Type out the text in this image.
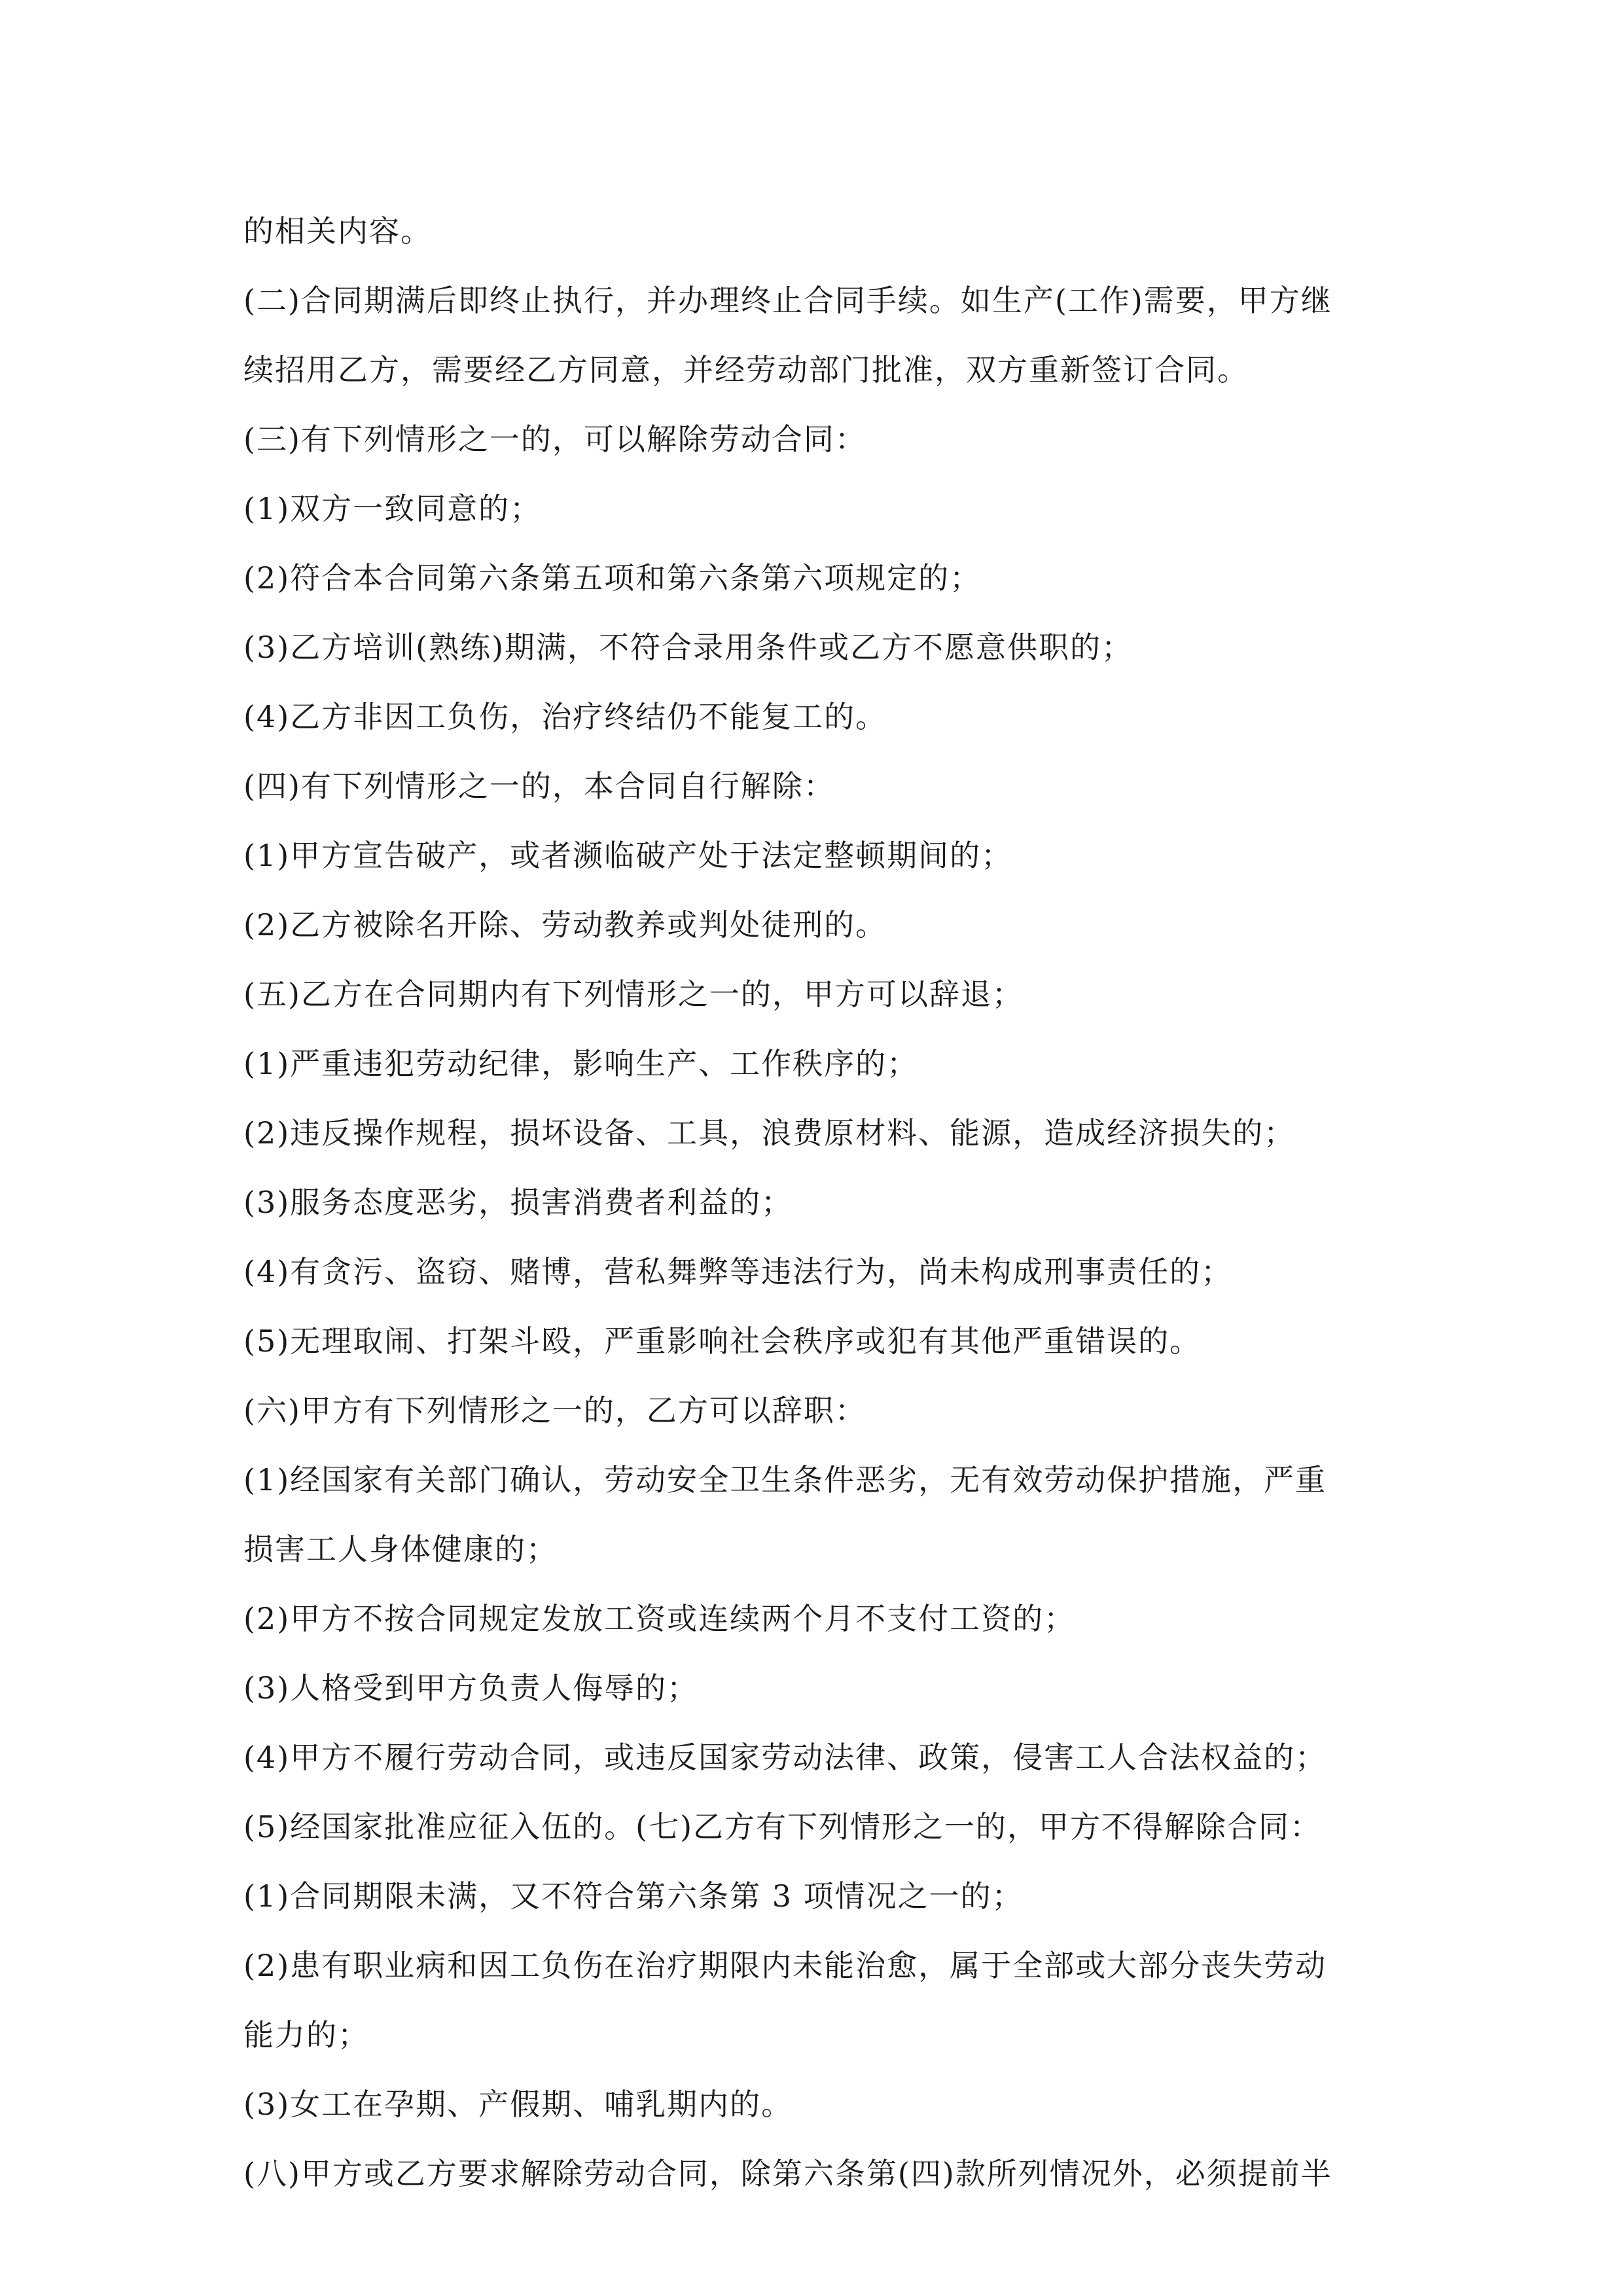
的相关内容。
(二)合同期满后即终止执行，并办理终止合同手续。如生产(工作)需要，甲方继
续招用乙方，需要经乙方同意，并经劳动部门批准，双方重新签订合同。
(三)有下列情形之一的，可以解除劳动合同：
(1)双方一致同意的；
(2)符合本合同第六条第五项和第六条第六项规定的；
(3)乙方培训(熟练)期满，不符合录用条件或乙方不愿意供职的；
(4)乙方非因工负伤，治疗终结仍不能复工的。
(四)有下列情形之一的，本合同自行解除：
(1)甲方宣告破产，或者濒临破产处于法定整顿期间的；
(2)乙方被除名开除、劳动教养或判处徒刑的。
(五)乙方在合同期内有下列情形之一的，甲方可以辞退；
(1)严重违犯劳动纪律，影响生产、工作秩序的；
(2)违反操作规程，损坏设备、工具，浪费原材料、能源，造成经济损失的；
(3)服务态度恶劣，损害消费者利益的；
(4)有贪污、盗窃、赌博，营私舞弊等违法行为，尚未构成刑事责任的；
(5)无理取闹、打架斗殴，严重影响社会秩序或犯有其他严重错误的。
(六)甲方有下列情形之一的，乙方可以辞职：
(1)经国家有关部门确认，劳动安全卫生条件恶劣，无有效劳动保护措施，严重
损害工人身体健康的；
(2)甲方不按合同规定发放工资或连续两个月不支付工资的；
(3)人格受到甲方负责人侮辱的；
(4)甲方不履行劳动合同，或违反国家劳动法律、政策，侵害工人合法权益的；
(5)经国家批准应征入伍的。(七)乙方有下列情形之一的，甲方不得解除合同：
(1)合同期限未满，又不符合第六条第 3 项情况之一的；
(2)患有职业病和因工负伤在治疗期限内未能治愈，属于全部或大部分丧失劳动
能力的；
(3)女工在孕期、产假期、哺乳期内的。
(八)甲方或乙方要求解除劳动合同，除第六条第(四)款所列情况外，必须提前半
